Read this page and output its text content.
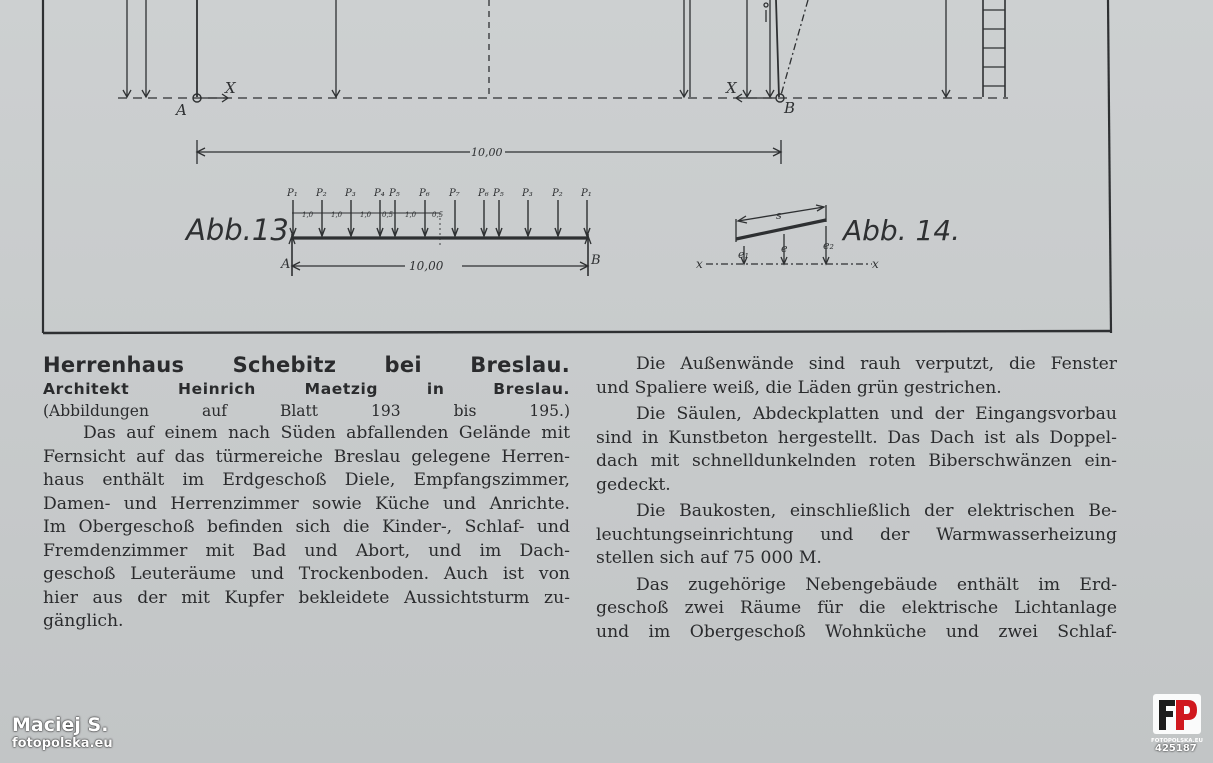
A
X	X
B
10,00
Abb.13.
A	B
10,00
Abb. 14.
s
e
e₁
e₂
x	x
P₁ P₂ P₃ P₄ P₅ P₆ P₇ P₆ P₅ P₃ P₂ P₁
1,0	1,0	1,0 0,5 1,0 0,5

Herrenhaus Schebitz bei Breslau.

Architekt Heinrich Maetzig in Breslau.

(Abbildungen auf Blatt 193 bis 195.)

Das auf einem nach Süden abfallenden Gelände mit

Fernsicht auf das türmereiche Breslau gelegene Herren-

haus enthält im Erdgeschoß Diele, Empfangszimmer,

Damen- und Herrenzimmer sowie Küche und Anrichte.

Im Obergeschoß befinden sich die Kinder-, Schlaf- und

Fremdenzimmer mit Bad und Abort, und im Dach-

geschoß Leuteräume und Trockenboden. Auch ist von

hier aus der mit Kupfer bekleidete Aussichtsturm zu-

gänglich.

Die Außenwände sind rauh verputzt, die Fenster

und Spaliere weiß, die Läden grün gestrichen.

Die Säulen, Abdeckplatten und der Eingangsvorbau

sind in Kunstbeton hergestellt. Das Dach ist als Doppel-

dach mit schnelldunkelnden roten Biberschwänzen ein-

gedeckt.

Die Baukosten, einschließlich der elektrischen Be-

leuchtungseinrichtung und der Warmwasserheizung

stellen sich auf 75 000 M.

Das zugehörige Nebengebäude enthält im Erd-

geschoß zwei Räume für die elektrische Lichtanlage

und im Obergeschoß Wohnküche und zwei Schlaf-

Maciej S.
fotopolska.eu	FOTOPOLSKA.EU
425187
